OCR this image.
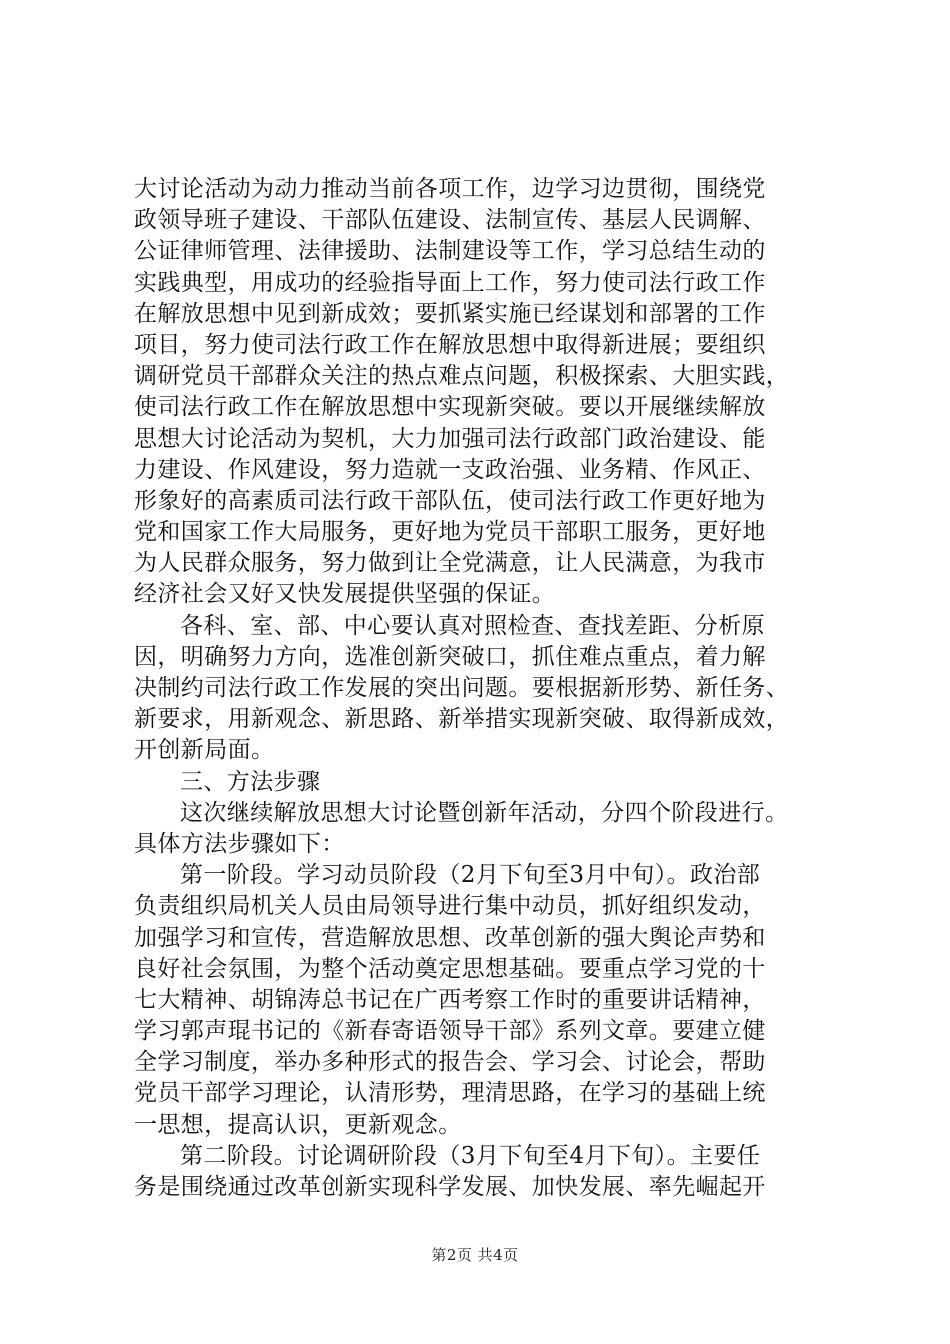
大讨论活动为动力推动当前各项工作，边学习边贯彻，围绕党
政领导班子建设、干部队伍建设、法制宣传、基层人民调解、
公证律师管理、法律援助、法制建设等工作，学习总结生动的
实践典型，用成功的经验指导面上工作，努力使司法行政工作
在解放思想中见到新成效；要抓紧实施已经谋划和部署的工作
项目，努力使司法行政工作在解放思想中取得新进展；要组织
调研党员干部群众关注的热点难点问题，积极探索、大胆实践，
使司法行政工作在解放思想中实现新突破。要以开展继续解放
思想大讨论活动为契机，大力加强司法行政部门政治建设、能
力建设、作风建设，努力造就一支政治强、业务精、作风正、
形象好的高素质司法行政干部队伍，使司法行政工作更好地为
党和国家工作大局服务，更好地为党员干部职工服务，更好地
为人民群众服务，努力做到让全党满意，让人民满意，为我市
经济社会又好又快发展提供坚强的保证。
各科、室、部、中心要认真对照检查、查找差距、分析原
因，明确努力方向，选准创新突破口，抓住难点重点，着力解
决制约司法行政工作发展的突出问题。要根据新形势、新任务、
新要求，用新观念、新思路、新举措实现新突破、取得新成效，
开创新局面。
三、方法步骤
这次继续解放思想大讨论暨创新年活动，分四个阶段进行。
具体方法步骤如下：
第一阶段。学习动员阶段（2月下旬至3月中旬）。政治部
负责组织局机关人员由局领导进行集中动员，抓好组织发动，
加强学习和宣传，营造解放思想、改革创新的强大舆论声势和
良好社会氛围，为整个活动奠定思想基础。要重点学习党的十
七大精神、胡锦涛总书记在广西考察工作时的重要讲话精神，
学习郭声琨书记的《新春寄语领导干部》系列文章。要建立健
全学习制度，举办多种形式的报告会、学习会、讨论会，帮助
党员干部学习理论，认清形势，理清思路，在学习的基础上统
一思想，提高认识，更新观念。
第二阶段。讨论调研阶段（3月下旬至4月下旬）。主要任
务是围绕通过改革创新实现科学发展、加快发展、率先崛起开
第2页 共4页
